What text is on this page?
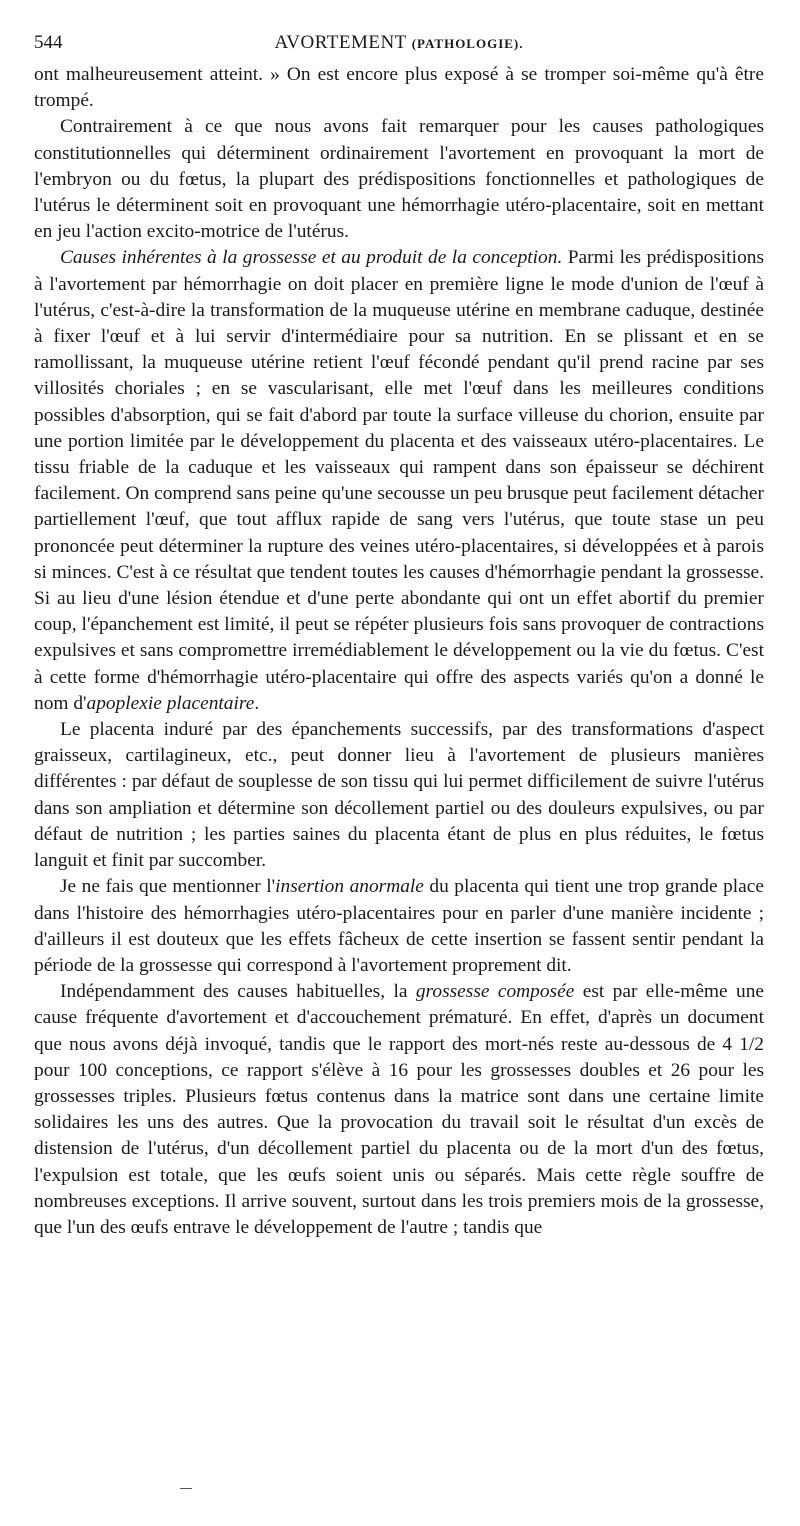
544	AVORTEMENT (PATHOLOGIE).

ont malheureusement atteint. » On est encore plus exposé à se tromper soi-même qu'à être trompé.

Contrairement à ce que nous avons fait remarquer pour les causes pathologiques constitutionnelles qui déterminent ordinairement l'avortement en provoquant la mort de l'embryon ou du fœtus, la plupart des prédispositions fonctionnelles et pathologiques de l'utérus le déterminent soit en provoquant une hémorrhagie utéro-placentaire, soit en mettant en jeu l'action excito-motrice de l'utérus.

Causes inhérentes à la grossesse et au produit de la conception. Parmi les prédispositions à l'avortement par hémorrhagie on doit placer en première ligne le mode d'union de l'œuf à l'utérus, c'est-à-dire la transformation de la muqueuse utérine en membrane caduque, destinée à fixer l'œuf et à lui servir d'intermédiaire pour sa nutrition. En se plissant et en se ramollissant, la muqueuse utérine retient l'œuf fécondé pendant qu'il prend racine par ses villosités choriales ; en se vascularisant, elle met l'œuf dans les meilleures conditions possibles d'absorption, qui se fait d'abord par toute la surface villeuse du chorion, ensuite par une portion limitée par le développement du placenta et des vaisseaux utéro-placentaires. Le tissu friable de la caduque et les vaisseaux qui rampent dans son épaisseur se déchirent facilement. On comprend sans peine qu'une secousse un peu brusque peut facilement détacher partiellement l'œuf, que tout afflux rapide de sang vers l'utérus, que toute stase un peu prononcée peut déterminer la rupture des veines utéro-placentaires, si développées et à parois si minces. C'est à ce résultat que tendent toutes les causes d'hémorrhagie pendant la grossesse. Si au lieu d'une lésion étendue et d'une perte abondante qui ont un effet abortif du premier coup, l'épanchement est limité, il peut se répéter plusieurs fois sans provoquer de contractions expulsives et sans compromettre irremédiablement le développement ou la vie du fœtus. C'est à cette forme d'hémorrhagie utéro-placentaire qui offre des aspects variés qu'on a donné le nom d'apoplexie placentaire.

Le placenta induré par des épanchements successifs, par des transformations d'aspect graisseux, cartilagineux, etc., peut donner lieu à l'avortement de plusieurs manières différentes : par défaut de souplesse de son tissu qui lui permet difficilement de suivre l'utérus dans son ampliation et détermine son décollement partiel ou des douleurs expulsives, ou par défaut de nutrition ; les parties saines du placenta étant de plus en plus réduites, le fœtus languit et finit par succomber.

Je ne fais que mentionner l'insertion anormale du placenta qui tient une trop grande place dans l'histoire des hémorrhagies utéro-placentaires pour en parler d'une manière incidente ; d'ailleurs il est douteux que les effets fâcheux de cette insertion se fassent sentir pendant la période de la grossesse qui correspond à l'avortement proprement dit.

Indépendamment des causes habituelles, la grossesse composée est par elle-même une cause fréquente d'avortement et d'accouchement prématuré. En effet, d'après un document que nous avons déjà invoqué, tandis que le rapport des mort-nés reste au-dessous de 4 1/2 pour 100 conceptions, ce rapport s'élève à 16 pour les grossesses doubles et 26 pour les grossesses triples. Plusieurs fœtus contenus dans la matrice sont dans une certaine limite solidaires les uns des autres. Que la provocation du travail soit le résultat d'un excès de distension de l'utérus, d'un décollement partiel du placenta ou de la mort d'un des fœtus, l'expulsion est totale, que les œufs soient unis ou séparés. Mais cette règle souffre de nombreuses exceptions. Il arrive souvent, surtout dans les trois premiers mois de la grossesse, que l'un des œufs entrave le développement de l'autre ; tandis que
